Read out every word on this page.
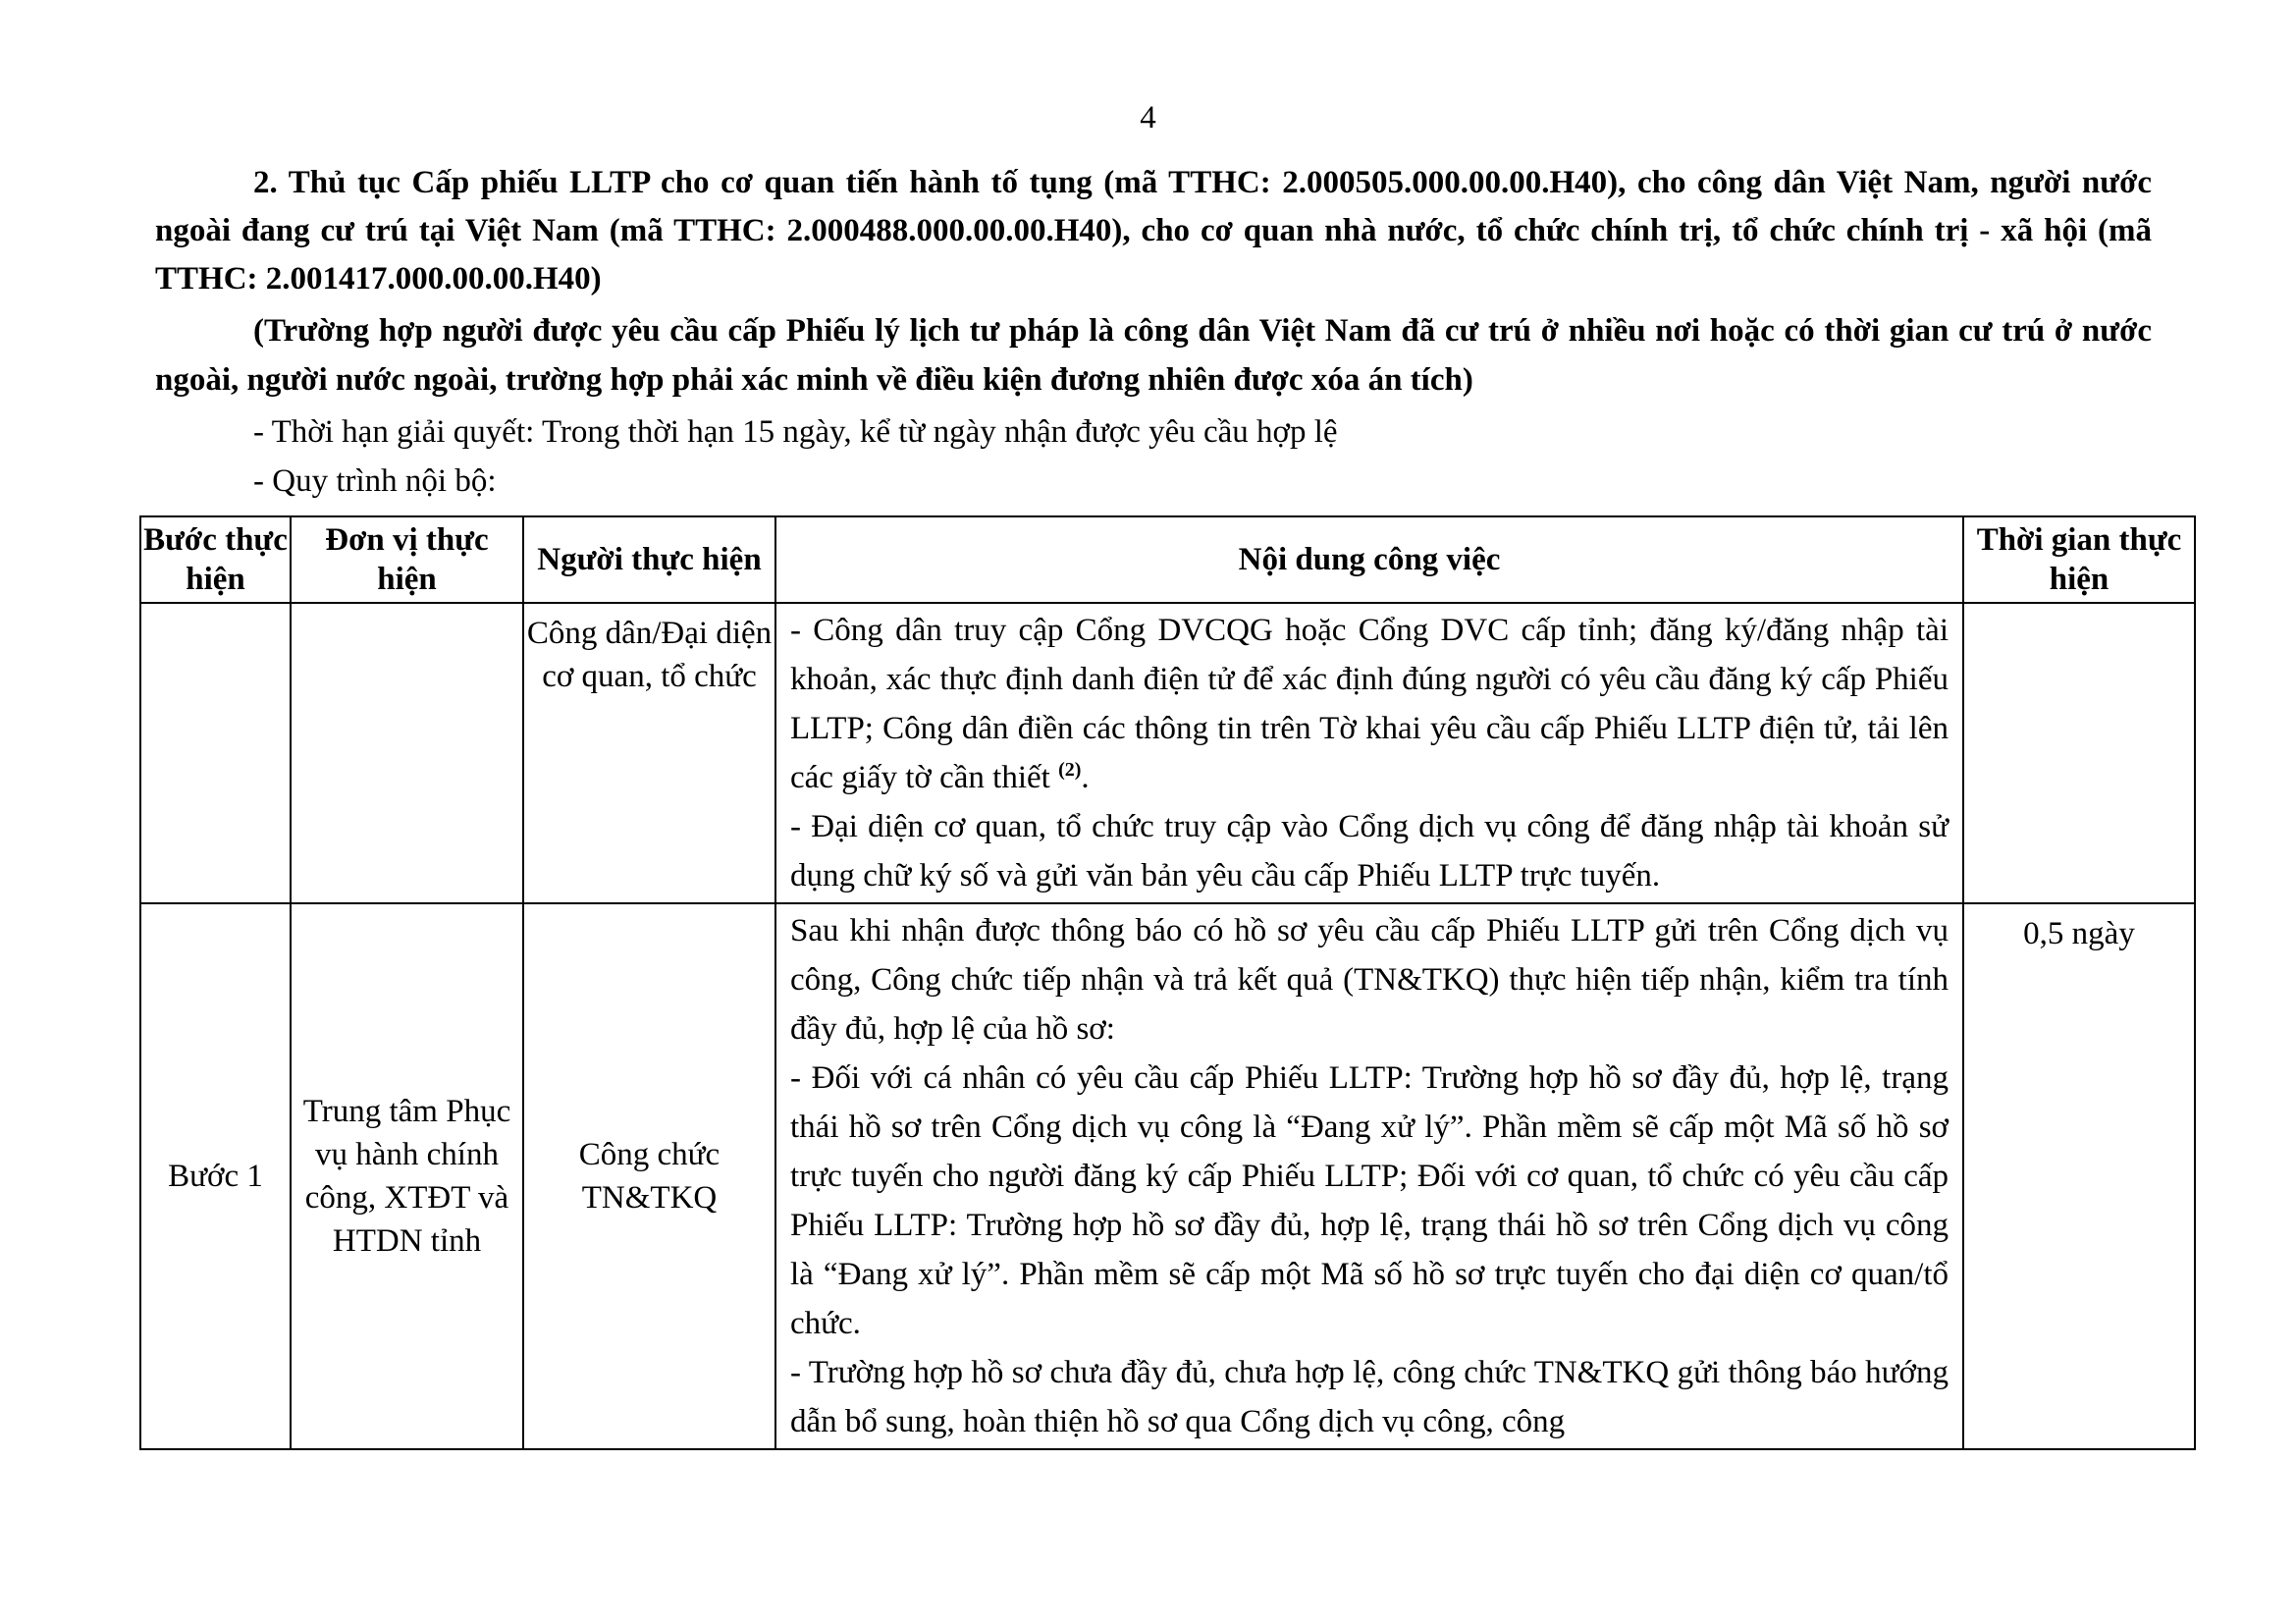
4

2. Thủ tục Cấp phiếu LLTP cho cơ quan tiến hành tố tụng (mã TTHC: 2.000505.000.00.00.H40), cho công dân Việt Nam, người nước ngoài đang cư trú tại Việt Nam (mã TTHC: 2.000488.000.00.00.H40), cho cơ quan nhà nước, tổ chức chính trị, tổ chức chính trị - xã hội (mã TTHC: 2.001417.000.00.00.H40)

(Trường hợp người được yêu cầu cấp Phiếu lý lịch tư pháp là công dân Việt Nam đã cư trú ở nhiều nơi hoặc có thời gian cư trú ở nước ngoài, người nước ngoài, trường hợp phải xác minh về điều kiện đương nhiên được xóa án tích)

- Thời hạn giải quyết: Trong thời hạn 15 ngày, kể từ ngày nhận được yêu cầu hợp lệ
- Quy trình nội bộ:
Bước thực hiện	Đơn vị thực hiện	Người thực hiện	Nội dung công việc	Thời gian thực hiện
		Công dân/Đại diện cơ quan, tổ chức	- Công dân truy cập Cổng DVCQG hoặc Cổng DVC cấp tỉnh; đăng ký/đăng nhập tài khoản, xác thực định danh điện tử để xác định đúng người có yêu cầu đăng ký cấp Phiếu LLTP; Công dân điền các thông tin trên Tờ khai yêu cầu cấp Phiếu LLTP điện tử, tải lên các giấy tờ cần thiết $^{(2)}$.
- Đại diện cơ quan, tổ chức truy cập vào Cổng dịch vụ công để đăng nhập tài khoản sử dụng chữ ký số và gửi văn bản yêu cầu cấp Phiếu LLTP trực tuyến.	

Bước 1	Trung tâm Phục vụ hành chính công, XTĐT và HTDN tỉnh	Công chức TN&TKQ	Sau khi nhận được thông báo có hồ sơ yêu cầu cấp Phiếu LLTP gửi trên Cổng dịch vụ công, Công chức tiếp nhận và trả kết quả (TN&TKQ) thực hiện tiếp nhận, kiểm tra tính đầy đủ, hợp lệ của hồ sơ:
- Đối với cá nhân có yêu cầu cấp Phiếu LLTP: Trường hợp hồ sơ đầy đủ, hợp lệ, trạng thái hồ sơ trên Cổng dịch vụ công là “Đang xử lý”. Phần mềm sẽ cấp một Mã số hồ sơ trực tuyến cho người đăng ký cấp Phiếu LLTP; Đối với cơ quan, tổ chức có yêu cầu cấp Phiếu LLTP: Trường hợp hồ sơ đầy đủ, hợp lệ, trạng thái hồ sơ trên Cổng dịch vụ công là “Đang xử lý”. Phần mềm sẽ cấp một Mã số hồ sơ trực tuyến cho đại diện cơ quan/tổ chức.
- Trường hợp hồ sơ chưa đầy đủ, chưa hợp lệ, công chức TN&TKQ gửi thông báo hướng dẫn bổ sung, hoàn thiện hồ sơ qua Cổng dịch vụ công, công	0,5 ngày
